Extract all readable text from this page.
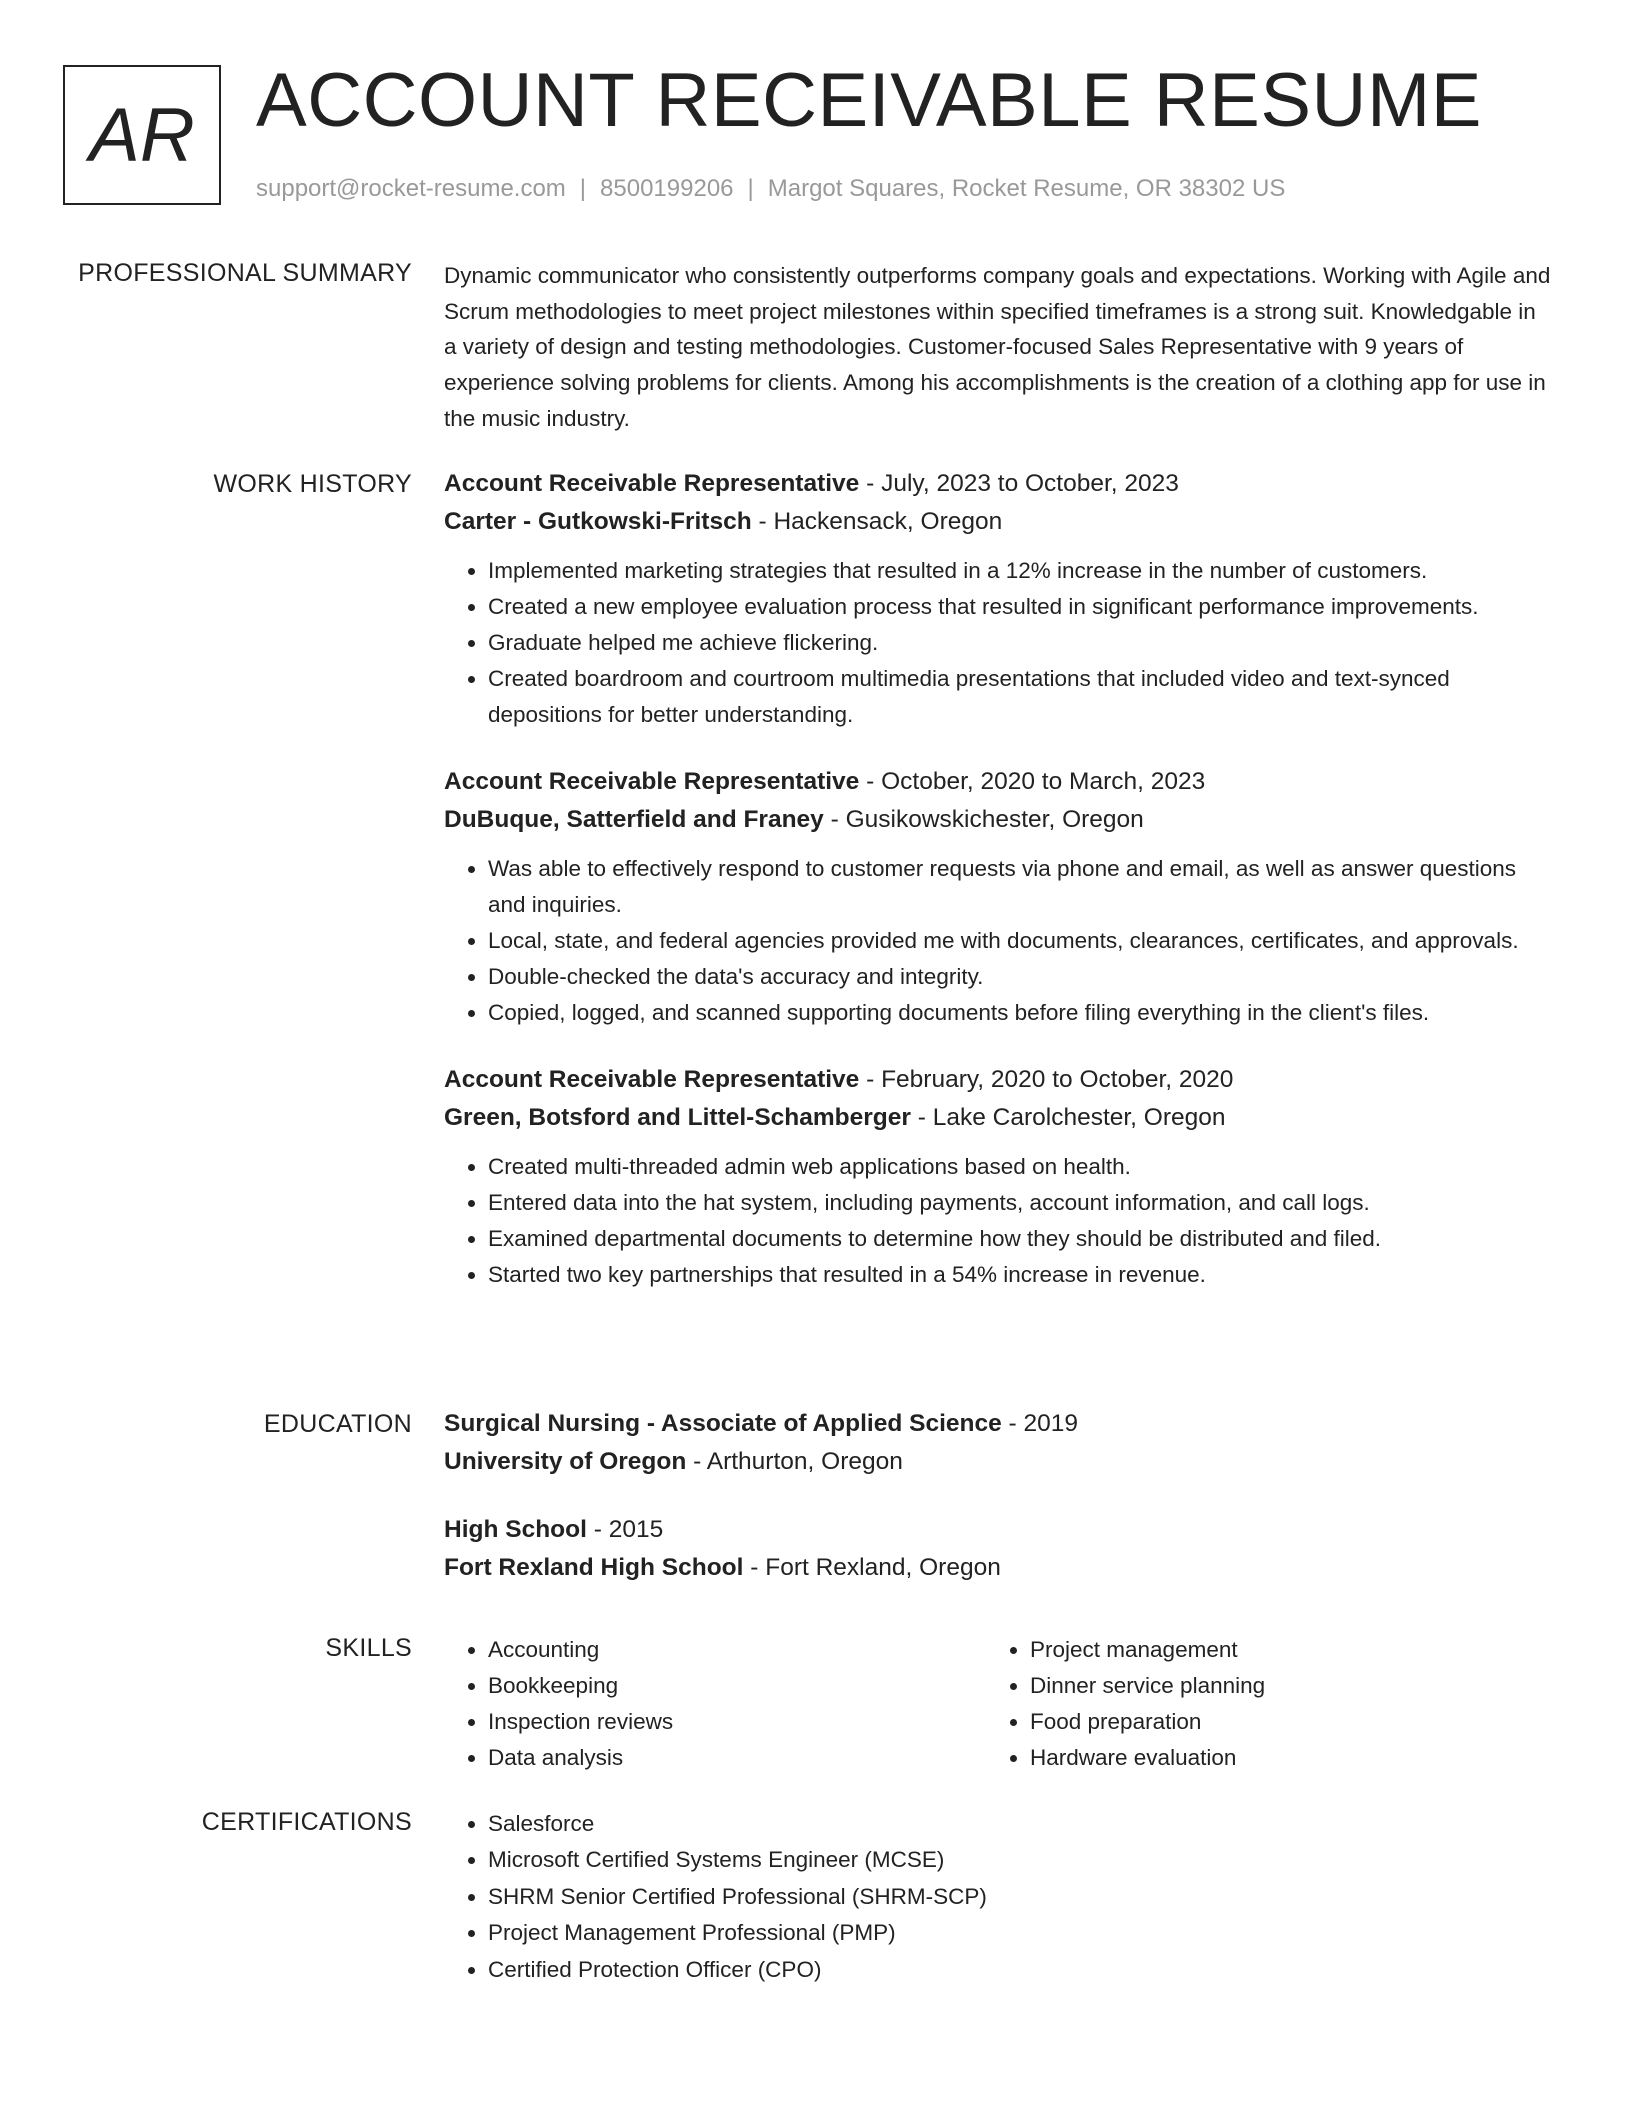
AR ACCOUNT RECEIVABLE RESUME
support@rocket-resume.com | 8500199206 | Margot Squares, Rocket Resume, OR 38302 US
PROFESSIONAL SUMMARY Dynamic communicator who consistently outperforms company goals and expectations. Working with Agile and Scrum methodologies to meet project milestones within specified timeframes is a strong suit. Knowledgable in a variety of design and testing methodologies. Customer-focused Sales Representative with 9 years of experience solving problems for clients. Among his accomplishments is the creation of a clothing app for use in the music industry.

WORK HISTORY Account Receivable Representative - July, 2023 to October, 2023
Carter - Gutkowski-Fritsch - Hackensack, Oregon
• Implemented marketing strategies that resulted in a 12% increase in the number of customers.
• Created a new employee evaluation process that resulted in significant performance improvements.
• Graduate helped me achieve flickering.
• Created boardroom and courtroom multimedia presentations that included video and text-synced depositions for better understanding.
Account Receivable Representative - October, 2020 to March, 2023
DuBuque, Satterfield and Franey - Gusikowskichester, Oregon
• Was able to effectively respond to customer requests via phone and email, as well as answer questions and inquiries.
• Local, state, and federal agencies provided me with documents, clearances, certificates, and approvals.
• Double-checked the data's accuracy and integrity.
• Copied, logged, and scanned supporting documents before filing everything in the client's files.
Account Receivable Representative - February, 2020 to October, 2020
Green, Botsford and Littel-Schamberger - Lake Carolchester, Oregon
• Created multi-threaded admin web applications based on health.
• Entered data into the hat system, including payments, account information, and call logs.
• Examined departmental documents to determine how they should be distributed and filed.
• Started two key partnerships that resulted in a 54% increase in revenue.
EDUCATION Surgical Nursing - Associate of Applied Science - 2019
University of Oregon - Arthurton, Oregon
High School - 2015
Fort Rexland High School - Fort Rexland, Oregon
SKILLS	• Accounting
• Bookkeeping
• Inspection reviews
• Data analysis
• Project management
• Dinner service planning
• Food preparation
• Hardware evaluation
CERTIFICATIONS	• Salesforce
• Microsoft Certified Systems Engineer (MCSE)
• SHRM Senior Certified Professional (SHRM-SCP)
• Project Management Professional (PMP)
• Certified Protection Officer (CPO)
